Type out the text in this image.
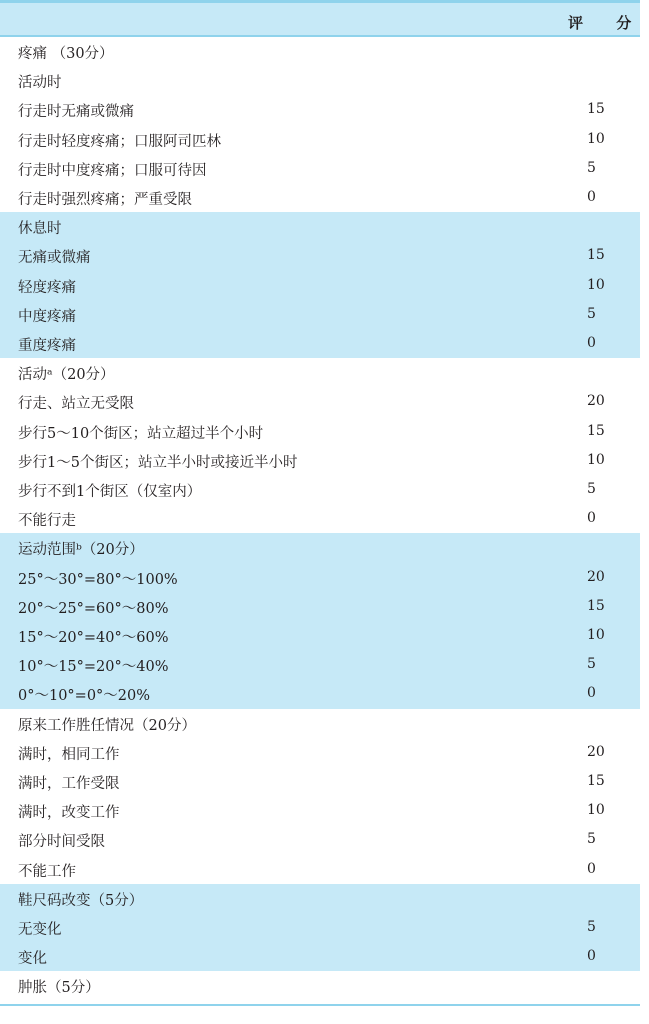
评 分
疼痛 （30分）
活动时
行走时无痛或微痛	15
行走时轻度疼痛；口服阿司匹林	10
行走时中度疼痛；口服可待因	5
行走时强烈疼痛；严重受限	0
休息时
无痛或微痛	15
轻度疼痛	10
中度疼痛	5
重度疼痛	0
活动ᵃ（20分）
行走、站立无受限	20
步行5～10个街区；站立超过半个小时	15
步行1～5个街区；站立半小时或接近半小时	10
步行不到1个街区（仅室内）	5
不能行走	0
运动范围ᵇ（20分）
25°～30°=80°～100%	20
20°～25°=60°～80%	15
15°～20°=40°～60%	10
10°～15°=20°～40%	5
0°～10°=0°～20%	0
原来工作胜任情况（20分）
满时，相同工作	20
满时，工作受限	15
满时，改变工作	10
部分时间受限	5
不能工作	0
鞋尺码改变（5分）
无变化	5
变化	0
肿胀（5分）
